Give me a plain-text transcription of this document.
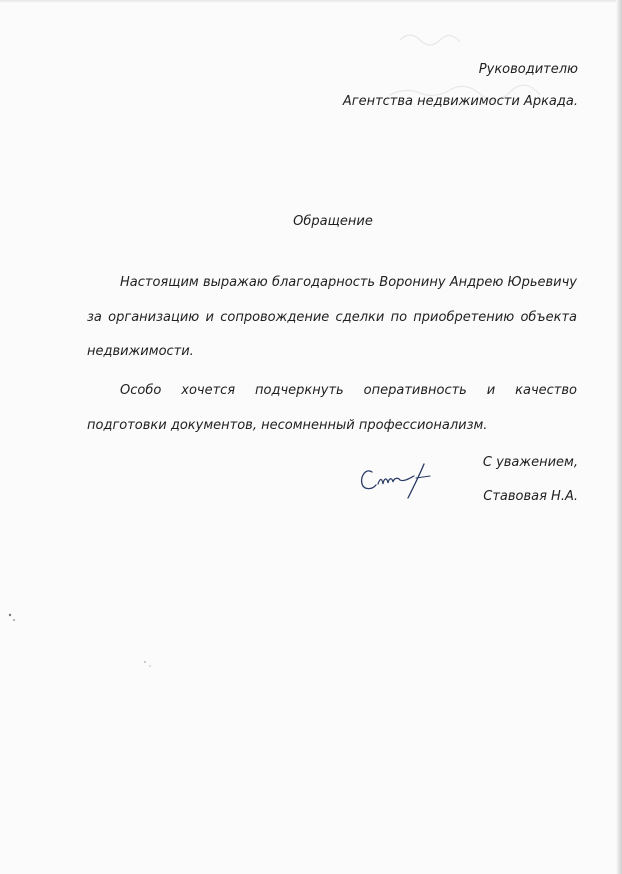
Руководителю
Агентства недвижимости Аркада.
Обращение

Настоящим выражаю благодарность Воронину Андрею Юрьевичу за организацию и сопровождение сделки по приобретению объекта недвижимости.

Особо хочется подчеркнуть оперативность и качество подготовки документов, несомненный профессионализм.

С уважением,
Ставовая Н.А.
